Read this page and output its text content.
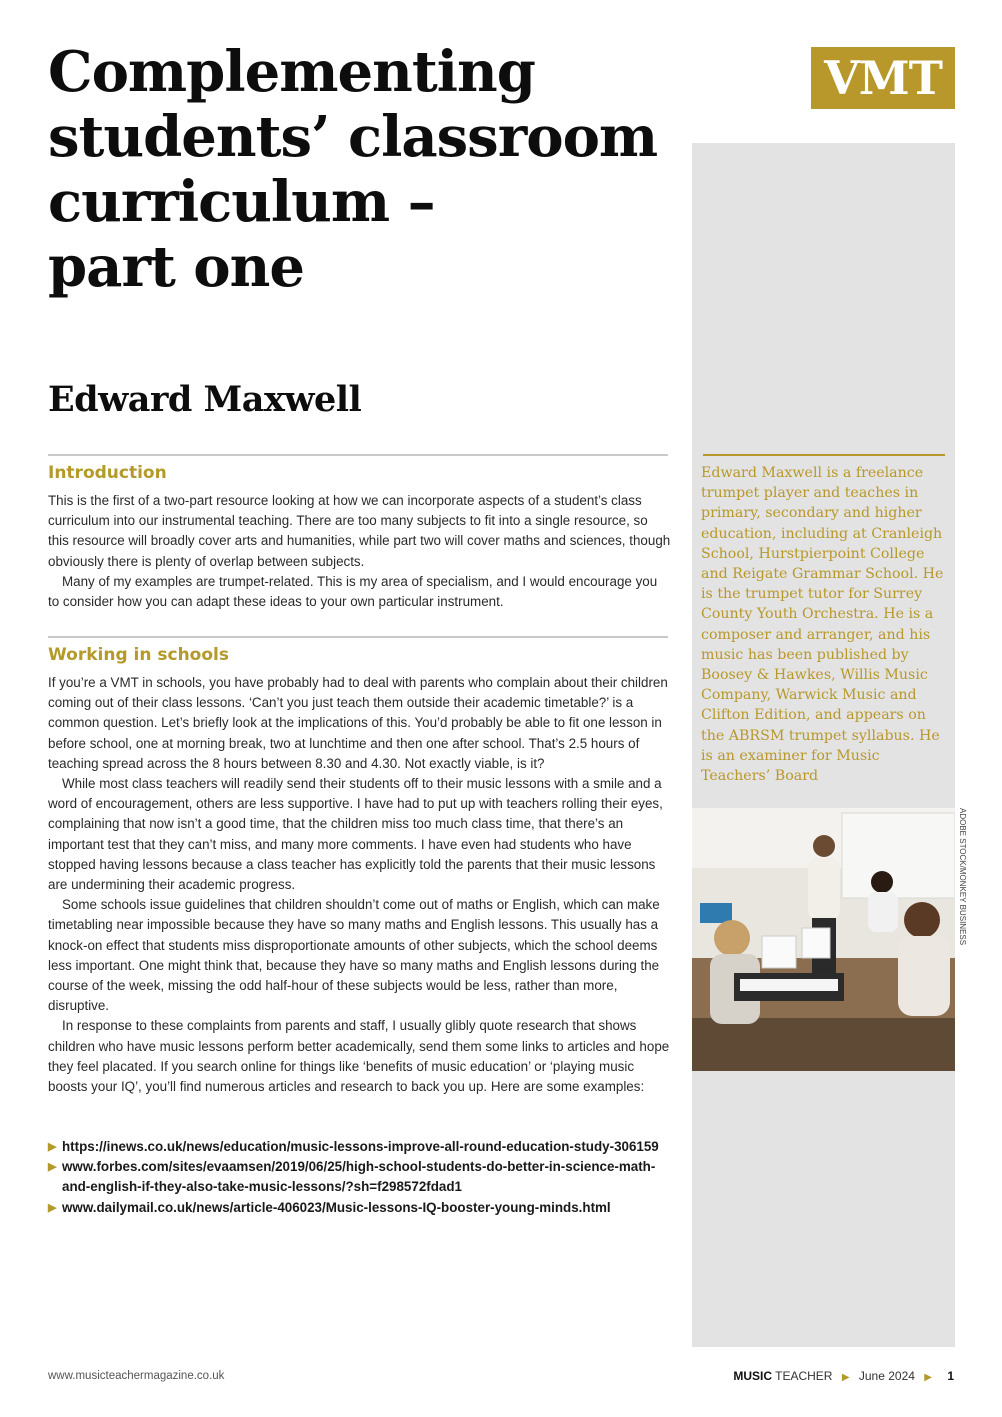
Complementing
students’ classroom
curriculum –
part one
Edward Maxwell
VMT

Edward Maxwell is a freelance trumpet player and teaches in primary, secondary and higher education, including at Cranleigh School, Hurstpierpoint College and Reigate Grammar School. He is the trumpet tutor for Surrey County Youth Orchestra. He is a composer and arranger, and his music has been published by Boosey & Hawkes, Willis Music Company, Warwick Music and Clifton Edition, and appears on the ABRSM trumpet syllabus. He is an examiner for Music Teachers’ Board

ADOBE STOCK/MONKEY BUSINESS
Introduction

This is the first of a two-part resource looking at how we can incorporate aspects of a student’s class curriculum into our instrumental teaching. There are too many subjects to fit into a single resource, so this resource will broadly cover arts and humanities, while part two will cover maths and sciences, though obviously there is plenty of overlap between subjects.

Many of my examples are trumpet-related. This is my area of specialism, and I would encourage you to consider how you can adapt these ideas to your own particular instrument.

Working in schools

If you’re a VMT in schools, you have probably had to deal with parents who complain about their children coming out of their class lessons. ‘Can’t you just teach them outside their academic timetable?’ is a common question. Let’s briefly look at the implications of this. You’d probably be able to fit one lesson in before school, one at morning break, two at lunchtime and then one after school. That’s 2.5 hours of teaching spread across the 8 hours between 8.30 and 4.30. Not exactly viable, is it?

While most class teachers will readily send their students off to their music lessons with a smile and a word of encouragement, others are less supportive. I have had to put up with teachers rolling their eyes, complaining that now isn’t a good time, that the children miss too much class time, that there’s an important test that they can’t miss, and many more comments. I have even had students who have stopped having lessons because a class teacher has explicitly told the parents that their music lessons are undermining their academic progress.

Some schools issue guidelines that children shouldn’t come out of maths or English, which can make timetabling near impossible because they have so many maths and English lessons. This usually has a knock-on effect that students miss disproportionate amounts of other subjects, which the school deems less important. One might think that, because they have so many maths and English lessons during the course of the week, missing the odd half-hour of these subjects would be less, rather than more, disruptive.

In response to these complaints from parents and staff, I usually glibly quote research that shows children who have music lessons perform better academically, send them some links to articles and hope they feel placated. If you search online for things like ‘benefits of music education’ or ‘playing music boosts your IQ’, you’ll find numerous articles and research to back you up. Here are some examples:

▶ https://inews.co.uk/news/education/music-lessons-improve-all-round-education-study-306159
▶ www.forbes.com/sites/evaamsen/2019/06/25/high-school-students-do-better-in-science-math-and-english-if-they-also-take-music-lessons/?sh=f298572fdad1
▶ www.dailymail.co.uk/news/article-406023/Music-lessons-IQ-booster-young-minds.html
www.musicteachermagazine.co.uk	MUSIC TEACHER ▶ June 2024 ▶ 1
